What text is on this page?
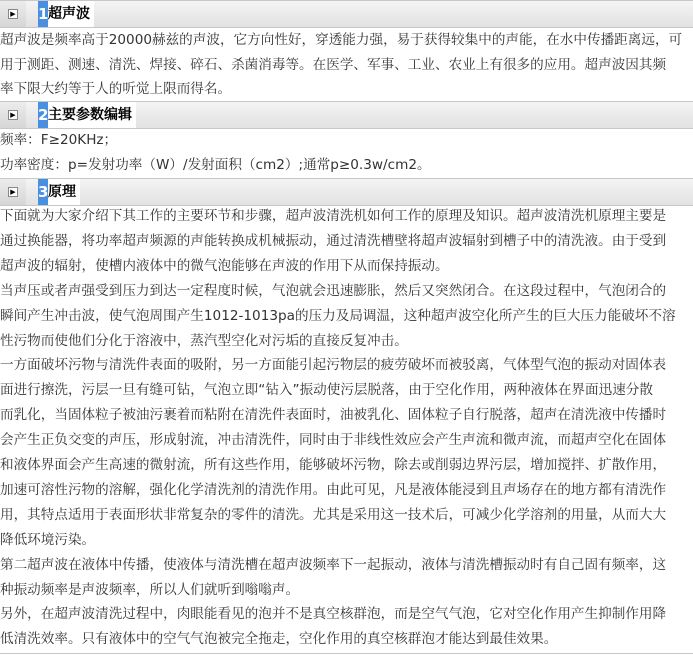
▶ 1 超声波
超声波是频率高于20000赫兹的声波，它方向性好，穿透能力强，易于获得较集中的声能，在水中传播距离远，可
用于测距、测速、清洗、焊接、碎石、杀菌消毒等。在医学、军事、工业、农业上有很多的应用。超声波因其频
率下限大约等于人的听觉上限而得名。
▶ 2 主要参数编辑
频率：F≥20KHz；
功率密度：p=发射功率（W）/发射面积（cm2）;通常p≥0.3w/cm2。
▶ 3 原理
下面就为大家介绍下其工作的主要环节和步骤，超声波清洗机如何工作的原理及知识。超声波清洗机原理主要是
通过换能器，将功率超声频源的声能转换成机械振动，通过清洗槽壁将超声波辐射到槽子中的清洗液。由于受到
超声波的辐射，使槽内液体中的微气泡能够在声波的作用下从而保持振动。
当声压或者声强受到压力到达一定程度时候，气泡就会迅速膨胀，然后又突然闭合。在这段过程中，气泡闭合的
瞬间产生冲击波，使气泡周围产生1012-1013pa的压力及局调温，这种超声波空化所产生的巨大压力能破坏不溶
性污物而使他们分化于溶液中，蒸汽型空化对污垢的直接反复冲击。
一方面破坏污物与清洗件表面的吸附，另一方面能引起污物层的疲劳破坏而被驳离，气体型气泡的振动对固体表
面进行擦洗，污层一旦有缝可钻，气泡立即“钻入”振动使污层脱落，由于空化作用，两种液体在界面迅速分散
而乳化，当固体粒子被油污裹着而粘附在清洗件表面时，油被乳化、固体粒子自行脱落，超声在清洗液中传播时
会产生正负交变的声压，形成射流，冲击清洗件，同时由于非线性效应会产生声流和微声流，而超声空化在固体
和液体界面会产生高速的微射流，所有这些作用，能够破坏污物，除去或削弱边界污层，增加搅拌、扩散作用，
加速可溶性污物的溶解，强化化学清洗剂的清洗作用。由此可见，凡是液体能浸到且声场存在的地方都有清洗作
用，其特点适用于表面形状非常复杂的零件的清洗。尤其是采用这一技术后，可减少化学溶剂的用量，从而大大
降低环境污染。
第二超声波在液体中传播，使液体与清洗槽在超声波频率下一起振动，液体与清洗槽振动时有自己固有频率，这
种振动频率是声波频率，所以人们就听到嗡嗡声。
另外，在超声波清洗过程中，肉眼能看见的泡并不是真空核群泡，而是空气气泡，它对空化作用产生抑制作用降
低清洗效率。只有液体中的空气气泡被完全拖走，空化作用的真空核群泡才能达到最佳效果。
